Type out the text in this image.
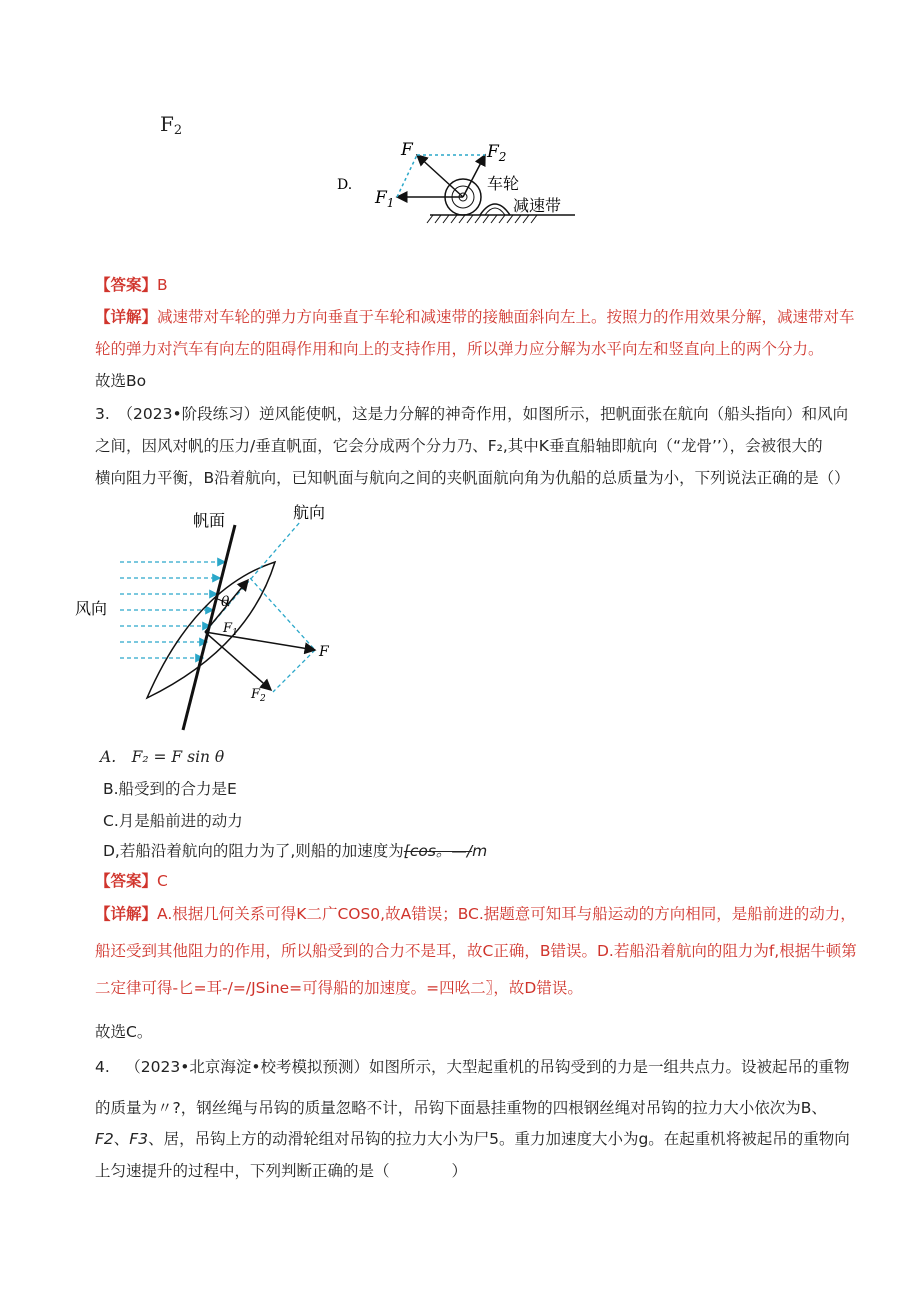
F2
D.
F
$F_1$
$F_2$
车轮
减速带
【答案】B
【详解】减速带对车轮的弹力方向垂直于车轮和减速带的接触面斜向左上。按照力的作用效果分解，减速带对车
轮的弹力对汽车有向左的阻碍作用和向上的支持作用，所以弹力应分解为水平向左和竖直向上的两个分力。
故选Bo
3.　（2023•阶段练习）逆风能使帆，这是力分解的神奇作用，如图所示，把帆面张在航向（船头指向）和风向
之间，因风对帆的压力/垂直帆面，它会分成两个分力乃、F₂,其中K垂直船轴即航向（“龙骨’’），会被很大的
横向阻力平衡，B沿着航向，已知帆面与航向之间的夹帆面航向角为仇船的总质量为小，下列说法正确的是（）
帆面	航向
风向	θ
$F_1$
F
$F_2$
A. F₂ = F sin θ
B.船受到的合力是E
C.月是船前进的动力
D,若船沿着航向的阻力为了,则船的加速度为[cos。—/m
【答案】C
【详解】A.根据几何关系可得K二广COS0,故A错误；BC.据题意可知耳与船运动的方向相同，是船前进的动力，
船还受到其他阻力的作用，所以船受到的合力不是耳，故C正确，B错误。D.若船沿着航向的阻力为f,根据牛顿第
二定律可得-匕=耳-/=/JSine=可得船的加速度。=四吆二〗，故D错误。
故选C。
4.  （2023•北京海淀•校考模拟预测）如图所示，大型起重机的吊钩受到的力是一组共点力。设被起吊的重物
的质量为〃?，钢丝绳与吊钩的质量忽略不计，吊钩下面悬挂重物的四根钢丝绳对吊钩的拉力大小依次为B、
F2、F3、居，吊钩上方的动滑轮组对吊钩的拉力大小为尸5。重力加速度大小为g。在起重机将被起吊的重物向
上匀速提升的过程中，下列判断正确的是（　　　　）
